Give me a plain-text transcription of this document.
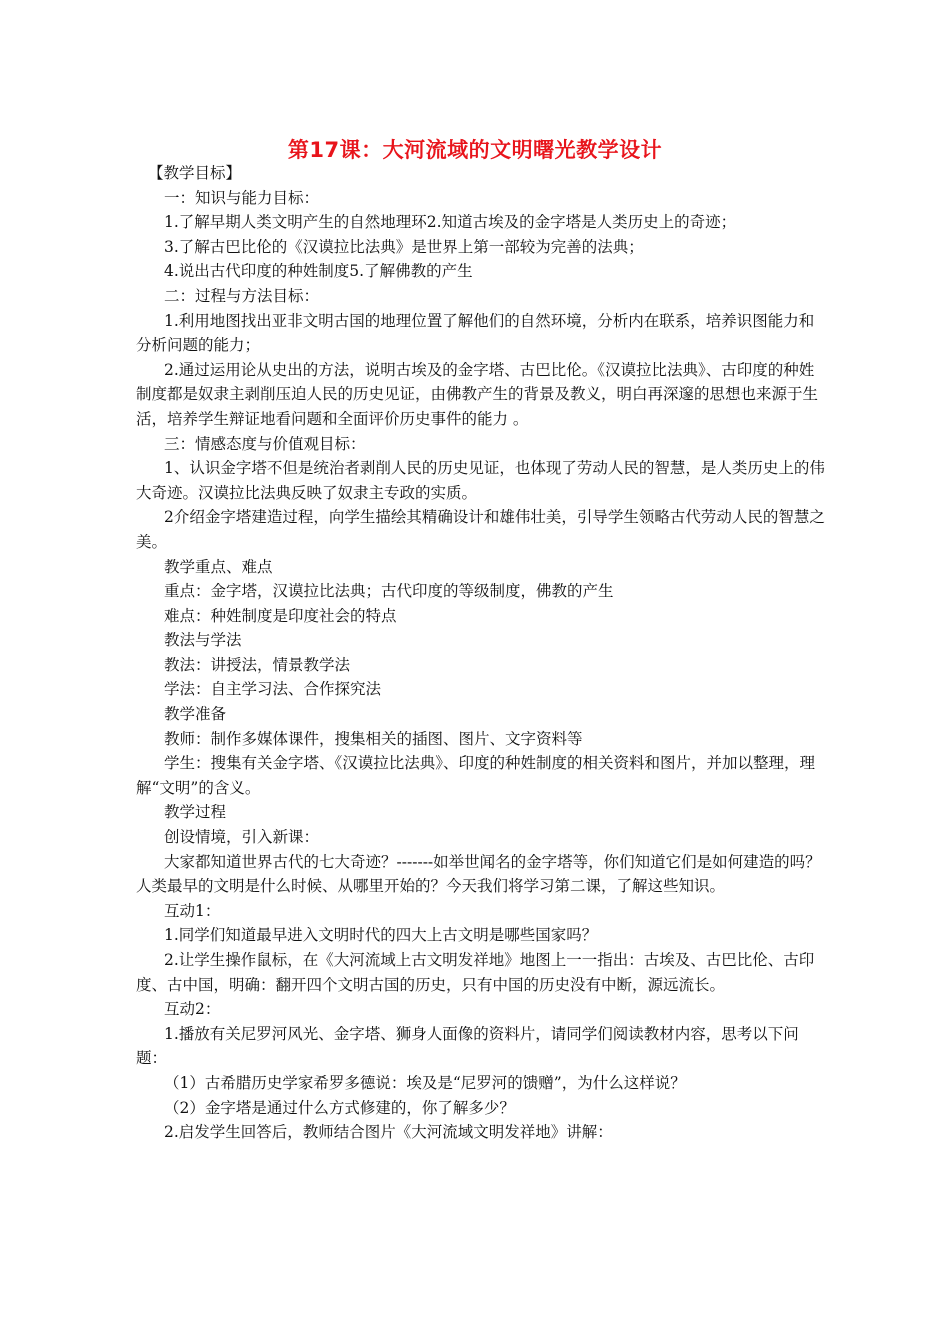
第17课：大河流域的文明曙光教学设计

【教学目标】

一：知识与能力目标：

1.了解早期人类文明产生的自然地理环2.知道古埃及的金字塔是人类历史上的奇迹；

3.了解古巴比伦的《汉谟拉比法典》是世界上第一部较为完善的法典；

4.说出古代印度的种姓制度5.了解佛教的产生

二：过程与方法目标：

1.利用地图找出亚非文明古国的地理位置了解他们的自然环境，分析内在联系，培养识图能力和分析问题的能力；

2.通过运用论从史出的方法，说明古埃及的金字塔、古巴比伦。《汉谟拉比法典》、古印度的种姓制度都是奴隶主剥削压迫人民的历史见证，由佛教产生的背景及教义，明白再深邃的思想也来源于生活，培养学生辩证地看问题和全面评价历史事件的能力 。

三：情感态度与价值观目标：

1、认识金字塔不但是统治者剥削人民的历史见证，也体现了劳动人民的智慧，是人类历史上的伟大奇迹。汉谟拉比法典反映了奴隶主专政的实质。

2介绍金字塔建造过程，向学生描绘其精确设计和雄伟壮美，引导学生领略古代劳动人民的智慧之美。

教学重点、难点

重点：金字塔，汉谟拉比法典；古代印度的等级制度，佛教的产生

难点：种姓制度是印度社会的特点

教法与学法

教法：讲授法，情景教学法

学法：自主学习法、合作探究法

教学准备

教师：制作多媒体课件，搜集相关的插图、图片、文字资料等

学生：搜集有关金字塔、《汉谟拉比法典》、印度的种姓制度的相关资料和图片，并加以整理，理解“文明”的含义。

教学过程

创设情境，引入新课：

大家都知道世界古代的七大奇迹？-------如举世闻名的金字塔等，你们知道它们是如何建造的吗？人类最早的文明是什么时候、从哪里开始的？今天我们将学习第二课，了解这些知识。

互动1：

1.同学们知道最早进入文明时代的四大上古文明是哪些国家吗？

2.让学生操作鼠标，在《大河流域上古文明发祥地》地图上一一指出：古埃及、古巴比伦、古印度、古中国，明确：翻开四个文明古国的历史，只有中国的历史没有中断，源远流长。

互动2：

1.播放有关尼罗河风光、金字塔、狮身人面像的资料片，请同学们阅读教材内容，思考以下问题：

（1）古希腊历史学家希罗多德说：埃及是“尼罗河的馈赠”，为什么这样说？

（2）金字塔是通过什么方式修建的，你了解多少？

2.启发学生回答后，教师结合图片《大河流域文明发祥地》讲解：
